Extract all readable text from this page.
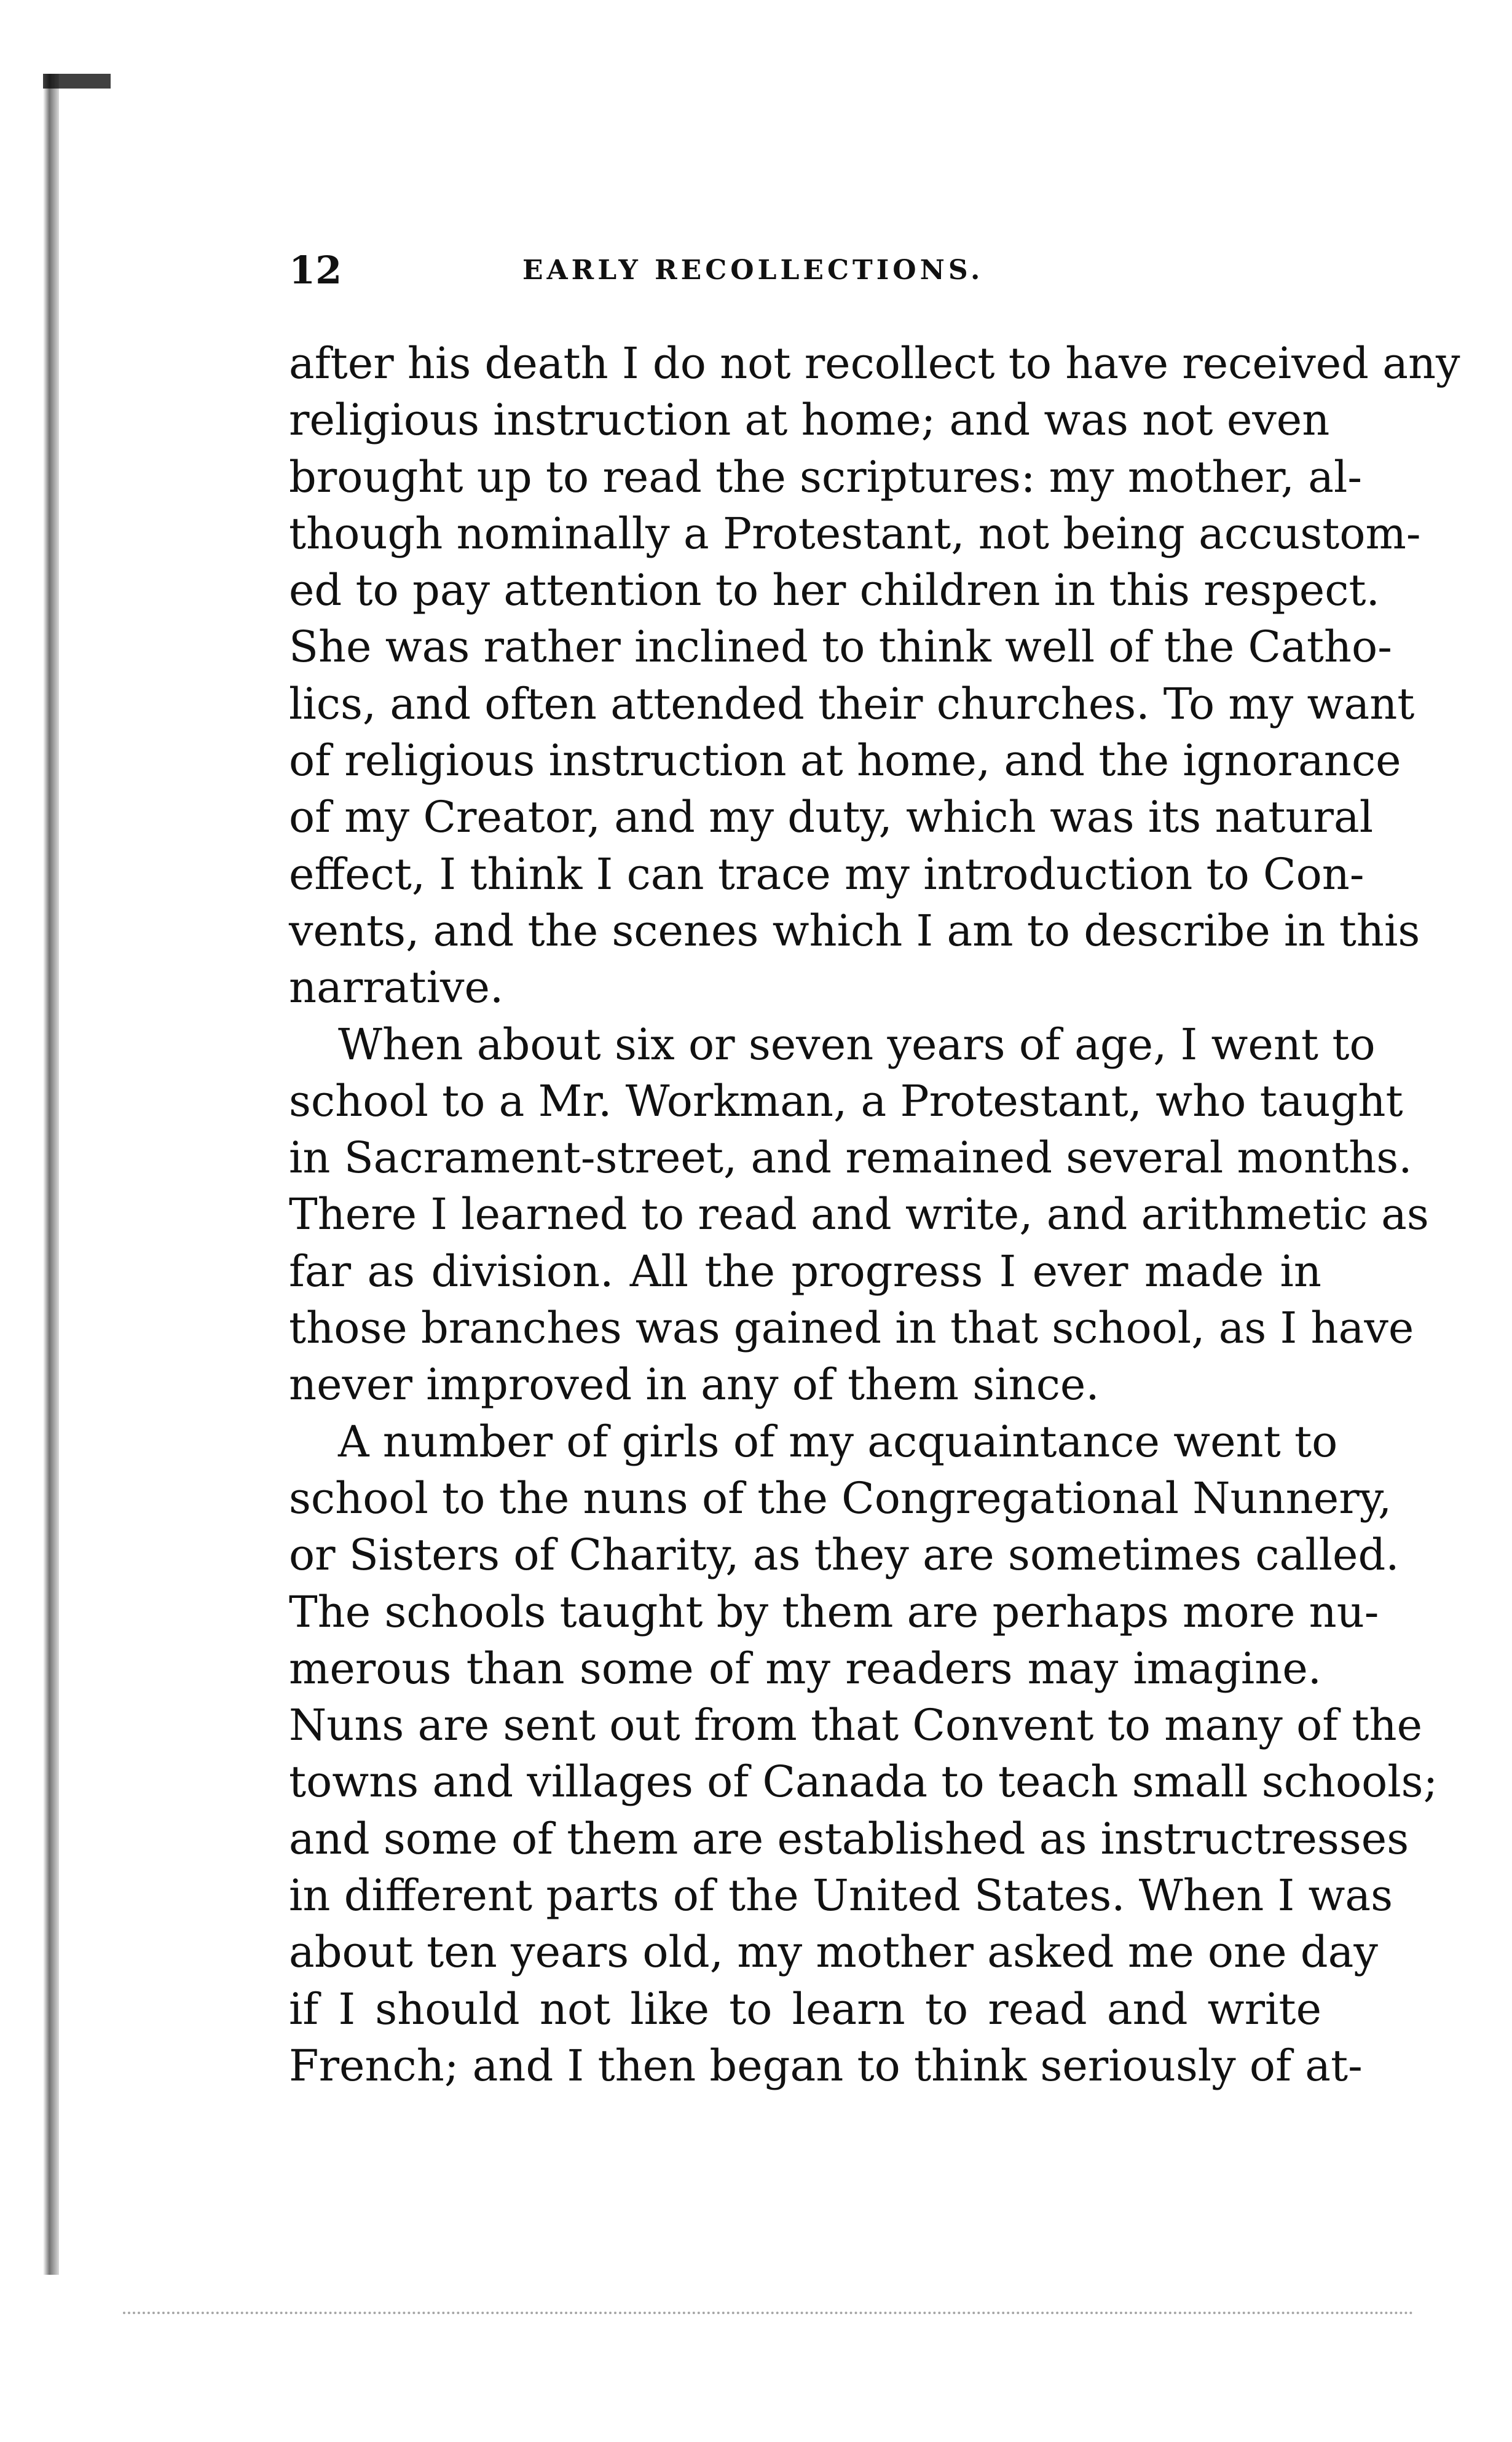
12	EARLY RECOLLECTIONS.
after his death I do not recollect to have received any
religious instruction at home; and was not even
brought up to read the scriptures: my mother, al-
though nominally a Protestant, not being accustom-
ed to pay attention to her children in this respect.
She was rather inclined to think well of the Catho-
lics, and often attended their churches. To my want
of religious instruction at home, and the ignorance
of my Creator, and my duty, which was its natural
effect, I think I can trace my introduction to Con-
vents, and the scenes which I am to describe in this
narrative.
When about six or seven years of age, I went to
school to a Mr. Workman, a Protestant, who taught
in Sacrament-street, and remained several months.
There I learned to read and write, and arithmetic as
far as division. All the progress I ever made in
those branches was gained in that school, as I have
never improved in any of them since.
A number of girls of my acquaintance went to
school to the nuns of the Congregational Nunnery,
or Sisters of Charity, as they are sometimes called.
The schools taught by them are perhaps more nu-
merous than some of my readers may imagine.
Nuns are sent out from that Convent to many of the
towns and villages of Canada to teach small schools;
and some of them are established as instructresses
in different parts of the United States. When I was
about ten years old, my mother asked me one day
if I should not like to learn to read and write
French; and I then began to think seriously of at-
